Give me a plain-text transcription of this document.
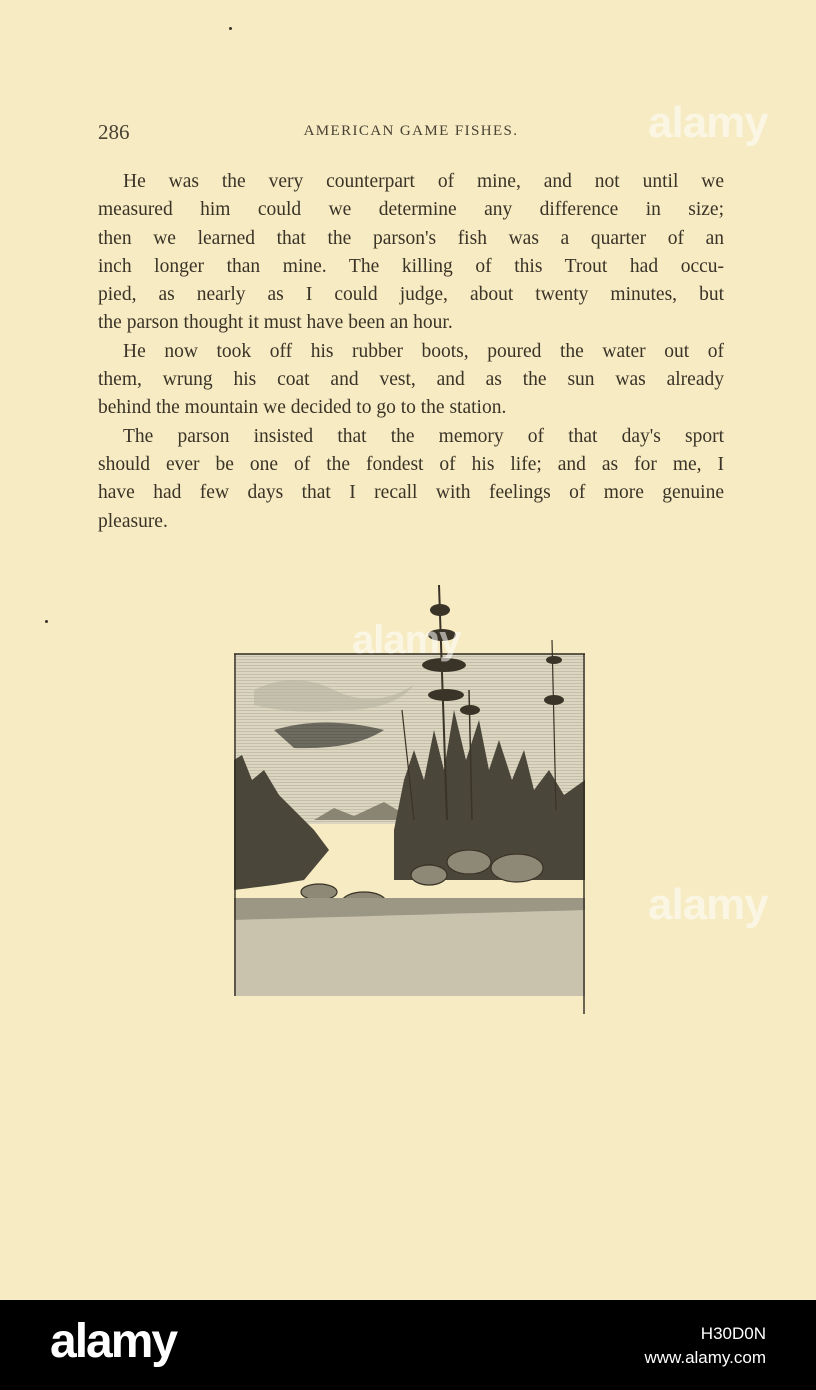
286	AMERICAN GAME FISHES.

He was the very counterpart of mine, and not until we
measured him could we determine any difference in size;
then we learned that the parson's fish was a quarter of an
inch longer than mine. The killing of this Trout had occu-
pied, as nearly as I could judge, about twenty minutes, but
the parson thought it must have been an hour.

He now took off his rubber boots, poured the water out of
them, wrung his coat and vest, and as the sun was already
behind the mountain we decided to go to the station.

The parson insisted that the memory of that day's sport
should ever be one of the fondest of his life; and as for me, I
have had few days that I recall with feelings of more genuine
pleasure.

alamy
alamy
alamy
alamy	H30D0N
www.alamy.com
